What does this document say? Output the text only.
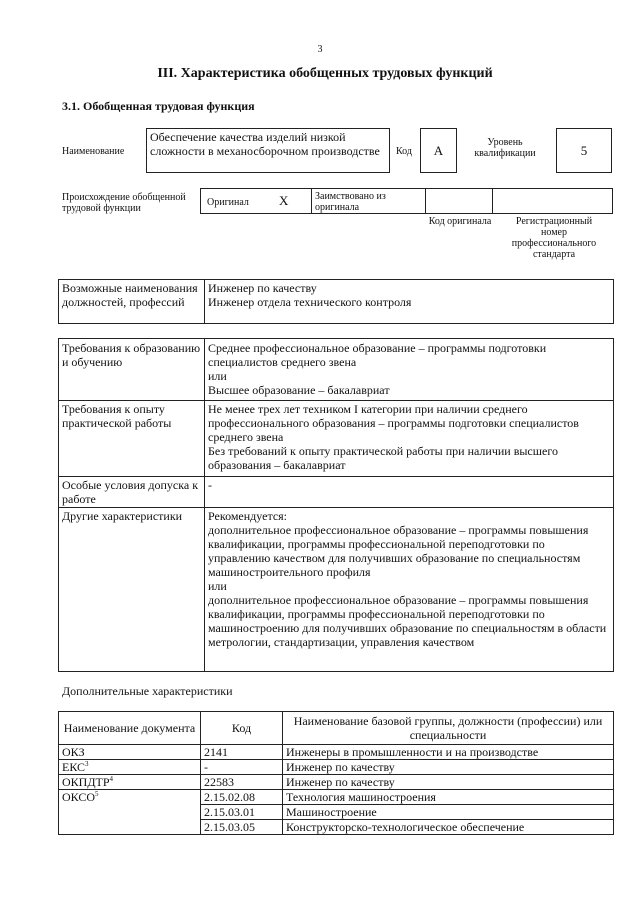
3
III. Характеристика обобщенных трудовых функций
3.1. Обобщенная трудовая функция
Наименование
Обеспечение качества изделий низкой сложности в механосборочном производстве	Код	А
Уровень квалификации	5
Происхождение обобщенной трудовой функции
Оригинал X	Заимствовано из оригинала
Код оригинала	Регистрационный номер профессионального стандарта
Возможные наименования должностей, профессий	Инженер по качеству
Инженер отдела технического контроля
Требования к образованию и обучению	Среднее профессиональное образование – программы подготовки специалистов среднего звена
или
Высшее образование – бакалавриат
Требования к опыту практической работы	Не менее трех лет техником I категории при наличии среднего профессионального образования – программы подготовки специалистов среднего звена
Без требований к опыту практической работы при наличии высшего образования – бакалавриат
Особые условия допуска к работе	-
Другие характеристики	Рекомендуется:
дополнительное профессиональное образование – программы повышения квалификации, программы профессиональной переподготовки по управлению качеством для получивших образование по специальностям машиностроительного профиля
или
дополнительное профессиональное образование – программы повышения квалификации, программы профессиональной переподготовки по машиностроению для получивших образование по специальностям в области метрологии, стандартизации, управления качеством
Дополнительные характеристики
Наименование документа	Код	Наименование базовой группы, должности (профессии) или специальности
ОКЗ	2141	Инженеры в промышленности и на производстве
ЕКС$^3$	-	Инженер по качеству
ОКПДТР$^4$	22583	Инженер по качеству
ОКСО$^5$	2.15.02.08	Технология машиностроения
	2.15.03.01	Машиностроение
	2.15.03.05	Конструкторско-технологическое обеспечение
